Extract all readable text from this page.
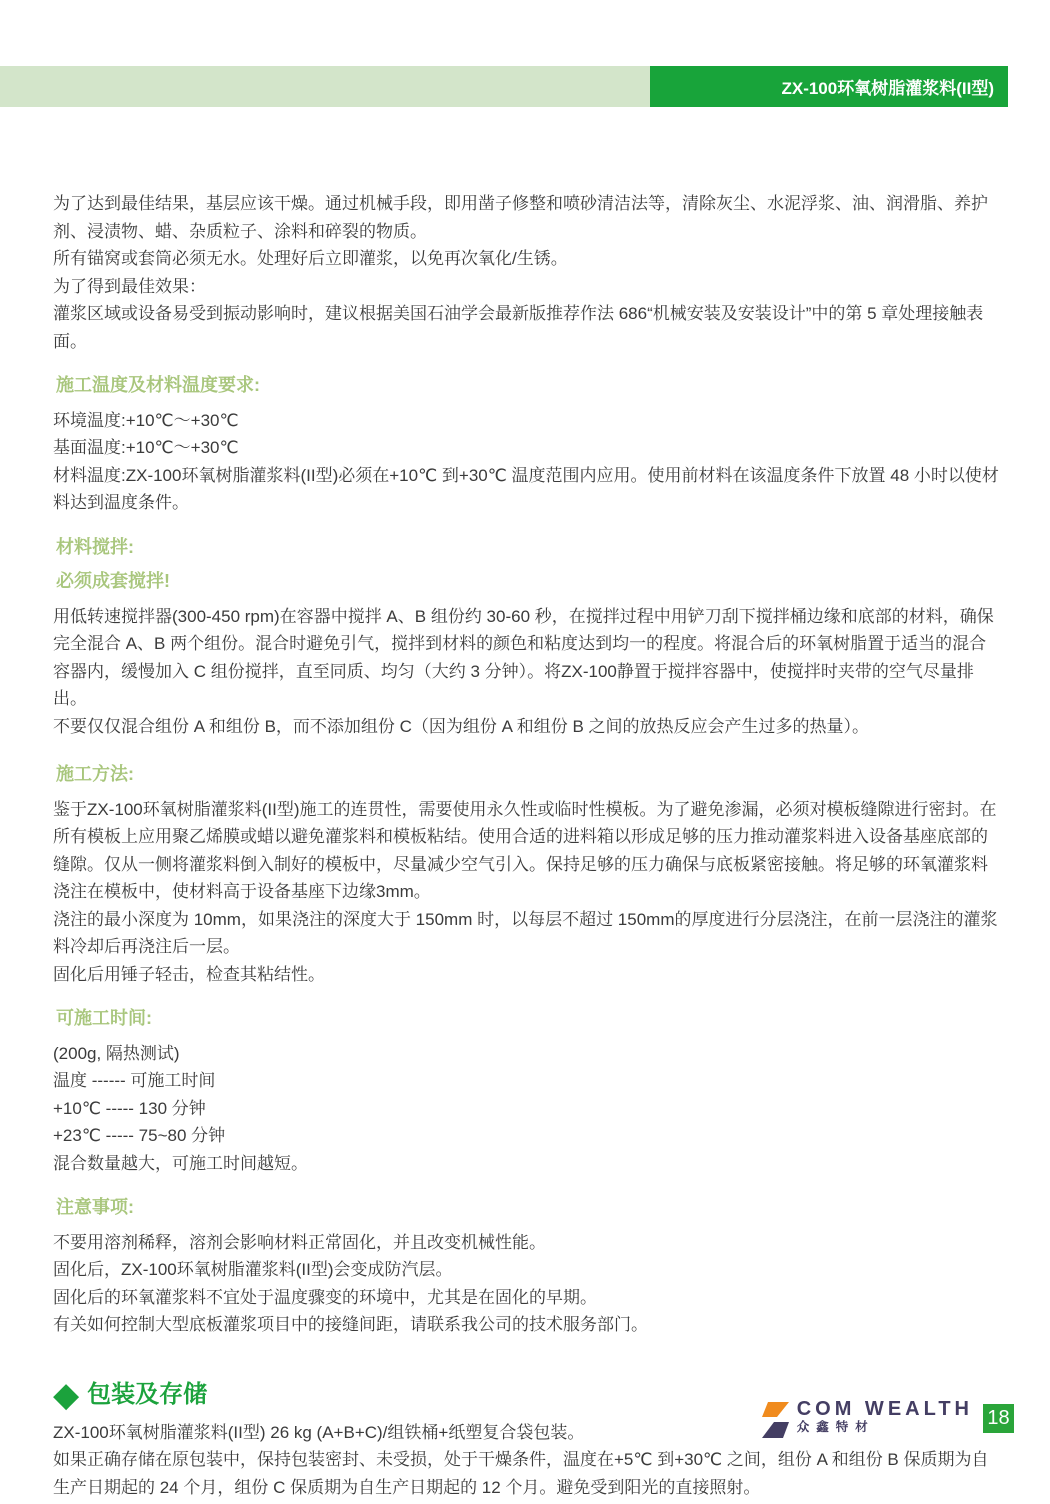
ZX-100环氧树脂灌浆料(II型)

为了达到最佳结果，基层应该干燥。通过机械手段，即用凿子修整和喷砂清洁法等，清除灰尘、水泥浮浆、油、润滑脂、养护剂、浸渍物、蜡、杂质粒子、涂料和碎裂的物质。

所有锚窝或套筒必须无水。处理好后立即灌浆，以免再次氧化/生锈。

为了得到最佳效果：

灌浆区域或设备易受到振动影响时，建议根据美国石油学会最新版推荐作法 686“机械安装及安装设计”中的第 5 章处理接触表面。

施工温度及材料温度要求:

环境温度:+10℃～+30℃

基面温度:+10℃～+30℃

材料温度:ZX-100环氧树脂灌浆料(II型)必须在+10℃ 到+30℃ 温度范围内应用。使用前材料在该温度条件下放置 48 小时以使材料达到温度条件。

材料搅拌:
必须成套搅拌!

用低转速搅拌器(300-450 rpm)在容器中搅拌 A、B 组份约 30-60 秒，在搅拌过程中用铲刀刮下搅拌桶边缘和底部的材料，确保完全混合 A、B 两个组份。混合时避免引气，搅拌到材料的颜色和粘度达到均一的程度。将混合后的环氧树脂置于适当的混合容器内，缓慢加入 C 组份搅拌，直至同质、均匀（大约 3 分钟）。将ZX-100静置于搅拌容器中，使搅拌时夹带的空气尽量排出。

不要仅仅混合组份 A 和组份 B，而不添加组份 C（因为组份 A 和组份 B 之间的放热反应会产生过多的热量）。

施工方法:

鉴于ZX-100环氧树脂灌浆料(II型)施工的连贯性，需要使用永久性或临时性模板。为了避免渗漏，必须对模板缝隙进行密封。在所有模板上应用聚乙烯膜或蜡以避免灌浆料和模板粘结。使用合适的进料箱以形成足够的压力推动灌浆料进入设备基座底部的缝隙。仅从一侧将灌浆料倒入制好的模板中，尽量减少空气引入。保持足够的压力确保与底板紧密接触。将足够的环氧灌浆料浇注在模板中，使材料高于设备基座下边缘3mm。

浇注的最小深度为 10mm，如果浇注的深度大于 150mm 时，以每层不超过 150mm的厚度进行分层浇注，在前一层浇注的灌浆料冷却后再浇注后一层。

固化后用锤子轻击，检查其粘结性。

可施工时间:

(200g, 隔热测试)

温度 ------ 可施工时间

+10℃ ----- 130 分钟

+23℃ ----- 75~80 分钟

混合数量越大，可施工时间越短。

注意事项:

不要用溶剂稀释，溶剂会影响材料正常固化，并且改变机械性能。

固化后，ZX-100环氧树脂灌浆料(II型)会变成防汽层。

固化后的环氧灌浆料不宜处于温度骤变的环境中，尤其是在固化的早期。

有关如何控制大型底板灌浆项目中的接缝间距，请联系我公司的技术服务部门。

◆ 包装及存储

ZX-100环氧树脂灌浆料(II型) 26 kg (A+B+C)/组铁桶+纸塑复合袋包装。

如果正确存储在原包装中，保持包装密封、未受损，处于干燥条件，温度在+5℃ 到+30℃ 之间，组份 A 和组份 B 保质期为自生产日期起的 24 个月，组份 C 保质期为自生产日期起的 12 个月。避免受到阳光的直接照射。

COM WEALTH
众鑫特材	18
